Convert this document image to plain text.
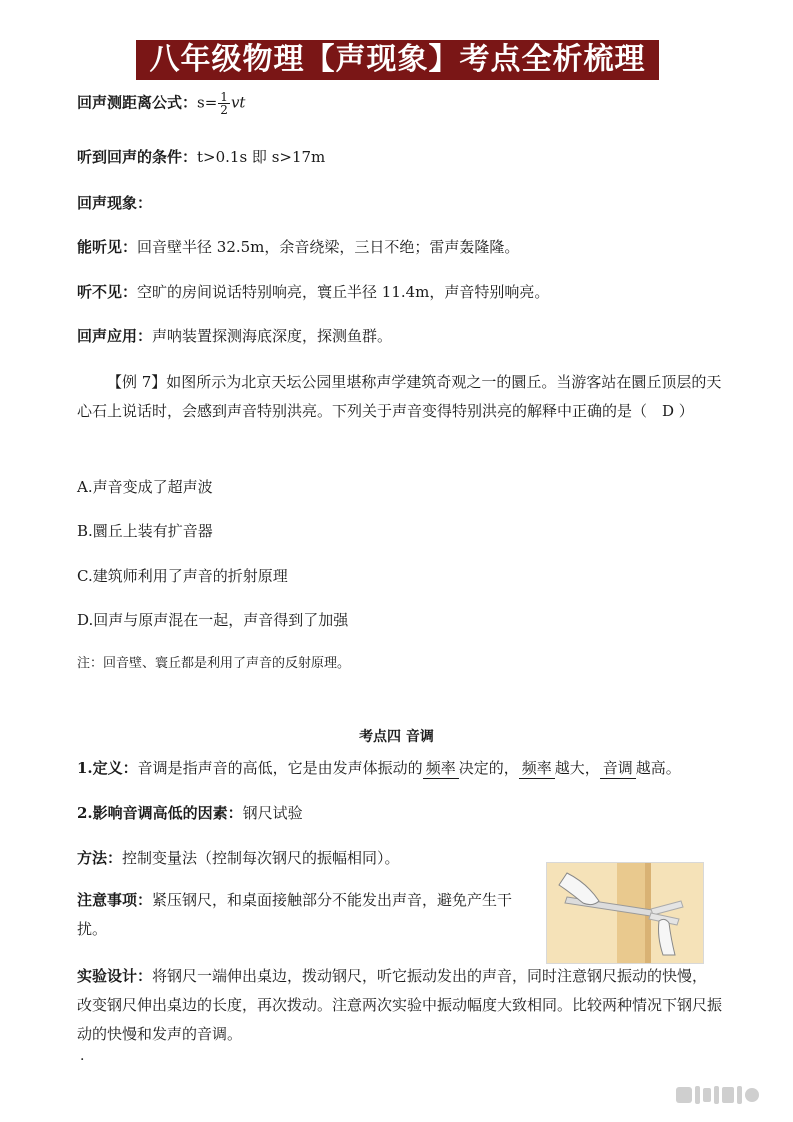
八年级物理【声现象】考点全析梳理
回声测距离公式：$s= \frac{1}{2}$ vt
听到回声的条件：t>0.1s 即 s>17m
回声现象：
能听见：回音壁半径 32.5m，余音绕梁，三日不绝；雷声轰隆隆。
听不见：空旷的房间说话特别响亮，寰丘半径 11.4m，声音特别响亮。
回声应用：声呐装置探测海底深度，探测鱼群。
【例 7】如图所示为北京天坛公园里堪称声学建筑奇观之一的圜丘。当游客站在圜丘顶层的天心石上说话时，会感到声音特别洪亮。下列关于声音变得特别洪亮的解释中正确的是（　D ）
A.声音变成了超声波
B.圜丘上装有扩音器
C.建筑师利用了声音的折射原理
D.回声与原声混在一起，声音得到了加强
注：回音壁、寰丘都是利用了声音的反射原理。
考点四 音调
1.定义：音调是指声音的高低，它是由发声体振动的 频率 决定的， 频率 越大， 音调 越高。
2.影响音调高低的因素：钢尺试验
方法：控制变量法（控制每次钢尺的振幅相同）。
注意事项：紧压钢尺，和桌面接触部分不能发出声音，避免产生干扰。
实验设计：将钢尺一端伸出桌边，拨动钢尺，听它振动发出的声音，同时注意钢尺振动的快慢，改变钢尺伸出桌边的长度，再次拨动。注意两次实验中振动幅度大致相同。比较两种情况下钢尺振动的快慢和发声的音调。
·
